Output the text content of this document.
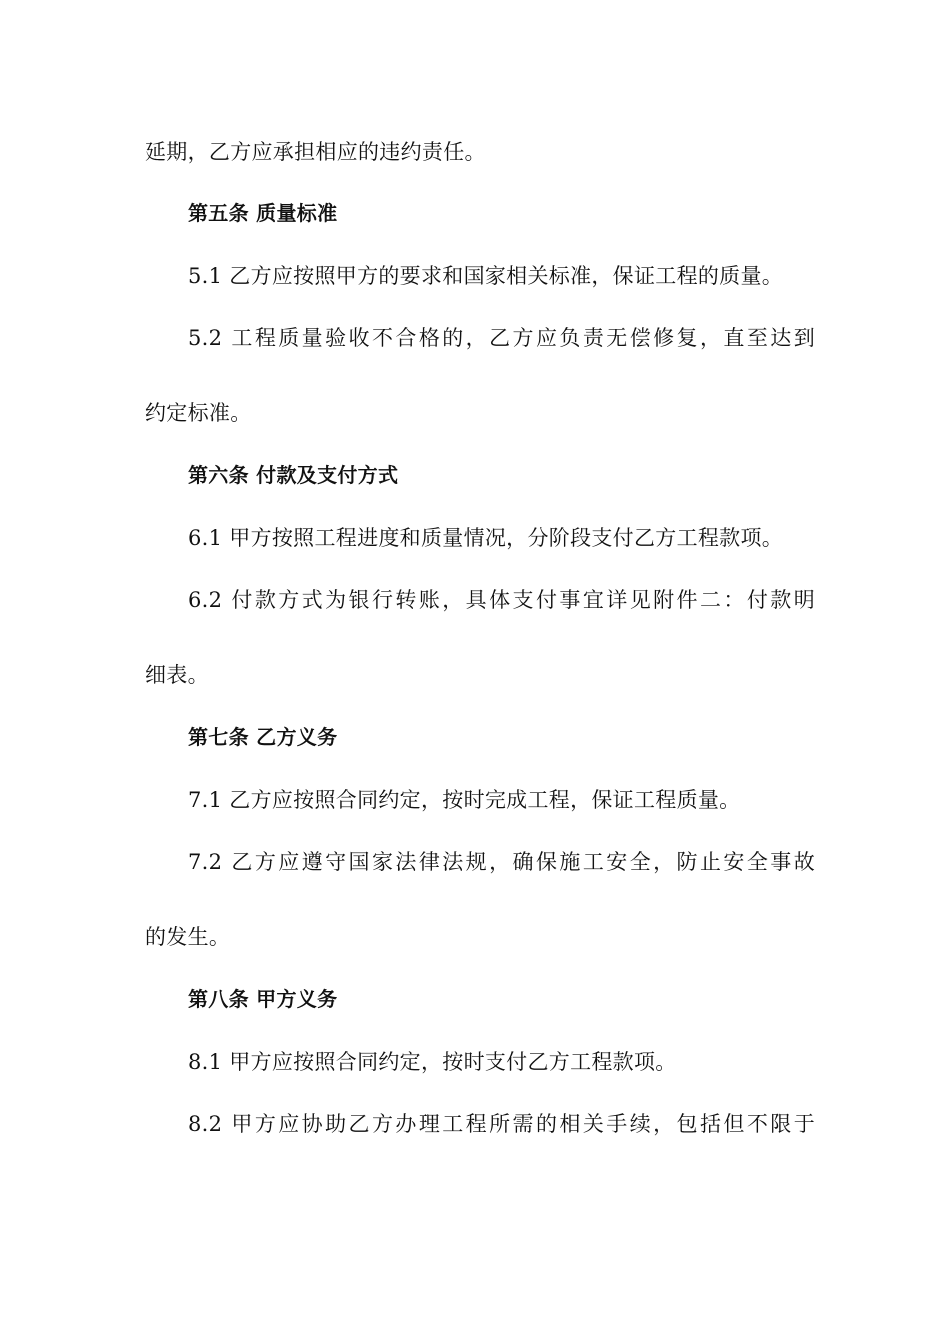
延期，乙方应承担相应的违约责任。
第五条 质量标准
5.1 乙方应按照甲方的要求和国家相关标准，保证工程的质量。
5.2 工程质量验收不合格的，乙方应负责无偿修复，直至达到
约定标准。
第六条 付款及支付方式
6.1 甲方按照工程进度和质量情况，分阶段支付乙方工程款项。
6.2 付款方式为银行转账，具体支付事宜详见附件二：付款明
细表。
第七条 乙方义务
7.1 乙方应按照合同约定，按时完成工程，保证工程质量。
7.2 乙方应遵守国家法律法规，确保施工安全，防止安全事故
的发生。
第八条 甲方义务
8.1 甲方应按照合同约定，按时支付乙方工程款项。
8.2 甲方应协助乙方办理工程所需的相关手续，包括但不限于
